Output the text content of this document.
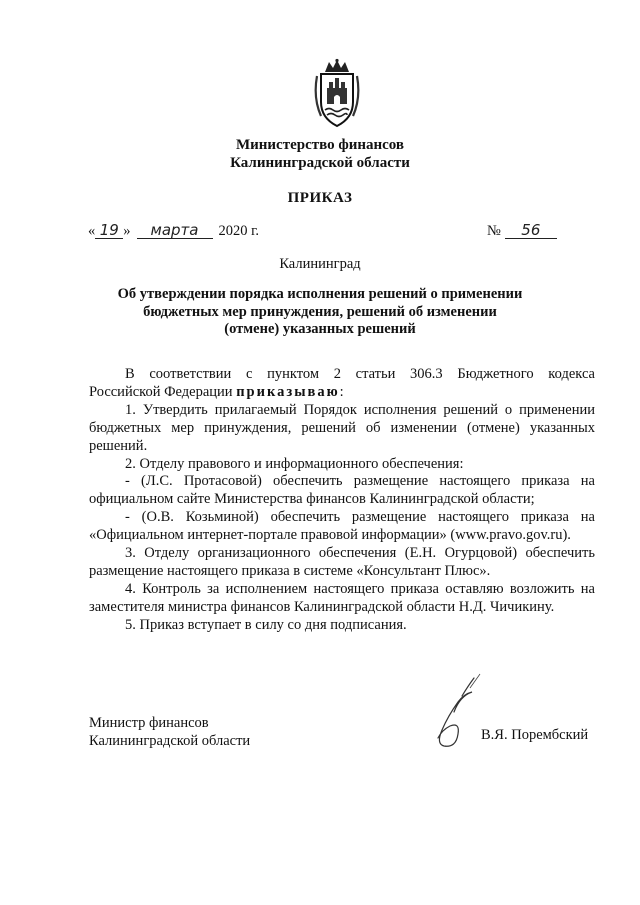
Министерство финансов
Калининградской области
ПРИКАЗ
« 19 » марта 2020 г.	№ 56
Калининград
Об утверждении порядка исполнения решений о применении
бюджетных мер принуждения, решений об изменении
(отмене) указанных решений

В соответствии с пунктом 2 статьи 306.3 Бюджетного кодекса

Российской Федерации приказываю:

1. Утвердить прилагаемый Порядок исполнения решений о применении бюджетных мер принуждения, решений об изменении (отмене) указанных решений.

2. Отделу правового и информационного обеспечения:

- (Л.С. Протасовой) обеспечить размещение настоящего приказа на официальном сайте Министерства финансов Калининградской области;

- (О.В. Козьминой) обеспечить размещение настоящего приказа на «Официальном интернет-портале правовой информации» (www.pravo.gov.ru).

3. Отделу организационного обеспечения (Е.Н. Огурцовой) обеспечить размещение настоящего приказа в системе «Консультант Плюс».

4. Контроль за исполнением настоящего приказа оставляю возложить на заместителя министра финансов Калининградской области Н.Д. Чичикину.

5. Приказ вступает в силу со дня подписания.

Министр финансов
Калининградской области	В.Я. Порембский
